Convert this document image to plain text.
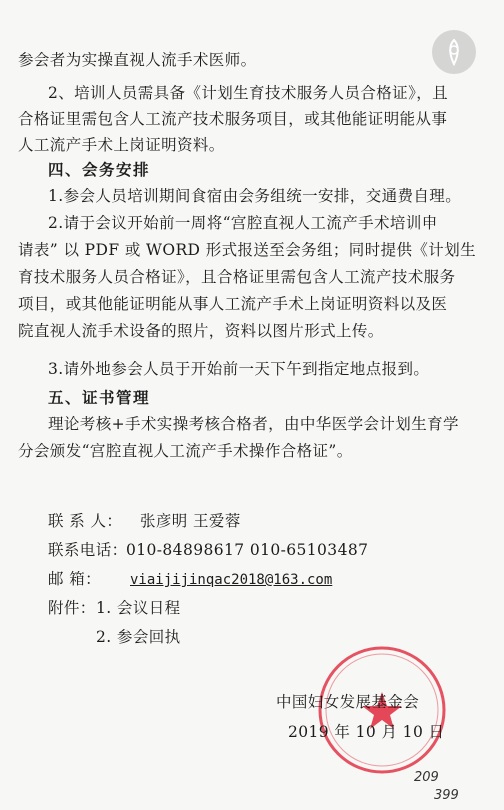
参会者为实操直视人流手术医师。
2、培训人员需具备《计划生育技术服务人员合格证》，且
合格证里需包含人工流产技术服务项目，或其他能证明能从事
人工流产手术上岗证明资料。
四、会务安排
1.参会人员培训期间食宿由会务组统一安排，交通费自理。
2.请于会议开始前一周将“宫腔直视人工流产手术培训申
请表” 以 PDF 或 WORD 形式报送至会务组；同时提供《计划生
育技术服务人员合格证》，且合格证里需包含人工流产技术服务
项目，或其他能证明能从事人工流产手术上岗证明资料以及医
院直视人流手术设备的照片，资料以图片形式上传。
3.请外地参会人员于开始前一天下午到指定地点报到。
五、证书管理
理论考核+手术实操考核合格者，由中华医学会计划生育学
分会颁发“宫腔直视人工流产手术操作合格证”。
联 系 人： 张彦明 王爱蓉
联系电话：
010-84898617 010-65103487
邮 箱： viaijijinqac2018@163.com
附件： 1. 会议日程
2. 参会回执
中国妇女发展基金会
2019 年 10 月 10 日
209
399
